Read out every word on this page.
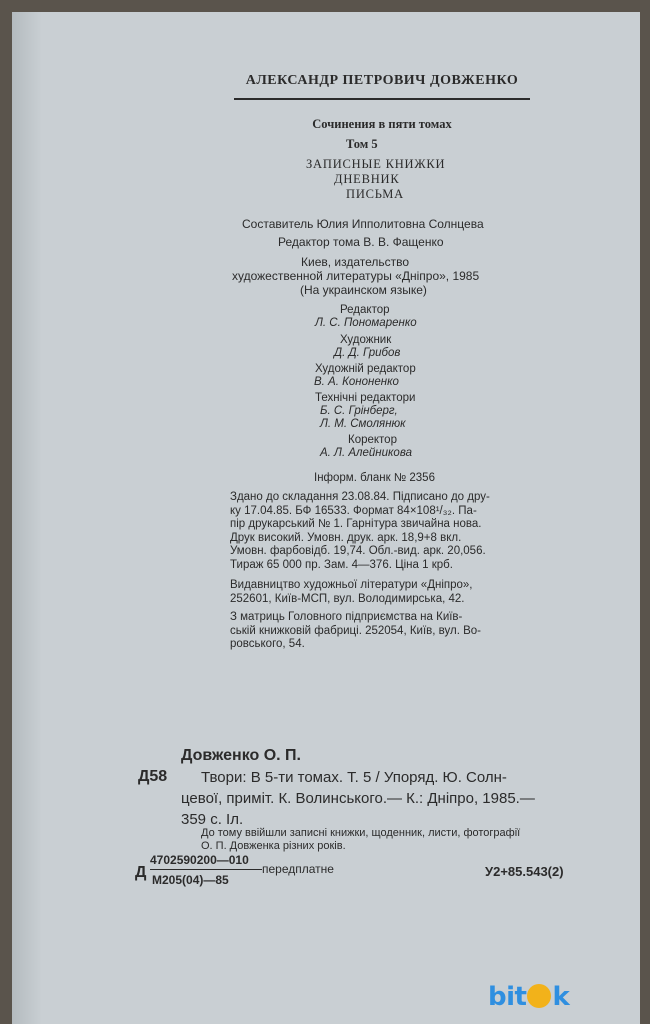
АЛЕКСАНДР ПЕТРОВИЧ ДОВЖЕНКО
Сочинения в пяти томах
Том 5
ЗАПИСНЫЕ КНИЖКИ
ДНЕВНИК
ПИСЬМА
Составитель Юлия Ипполитовна Солнцева
Редактор тома В. В. Фащенко
Киев, издательство
художественной литературы «Дніпро», 1985
(На украинском языке)
Редактор
Л. С. Пономаренко
Художник
Д. Д. Грибов
Художній редактор
В. А. Кононенко
Технічні редактори
Б. С. Грінберг,
Л. М. Смолянюк
Коректор
А. Л. Алейникова
Інформ. бланк № 2356
Здано до складання 23.08.84. Підписано до дру-
ку 17.04.85. БФ 16533. Формат 84×108¹/₃₂. Па-
пір друкарський № 1. Гарнітура звичайна нова.
Друк високий. Умовн. друк. арк. 18,9+8 вкл.
Умовн. фарбовідб. 19,74. Обл.-вид. арк. 20,056.
Тираж 65 000 пр. Зам. 4—376. Ціна 1 крб.
Видавництво художньої літератури «Дніпро»,
252601, Київ-МСП, вул. Володимирська, 42.
З матриць Головного підприємства на Київ-
ській книжковій фабриці. 252054, Київ, вул. Во-
ровського, 54.
Довженко О. П.
Д58 Твори: В 5-ти томах. Т. 5 / Упоряд. Ю. Солн-
цевої, приміт. К. Волинського.— К.: Дніпро, 1985.—
359 с. Іл.
До тому ввійшли записні книжки, щоденник, листи, фотографії
О. П. Довженка різних років.
Д
4702590200—010
М205(04)—85
передплатне	У2+85.543(2)
bit k
